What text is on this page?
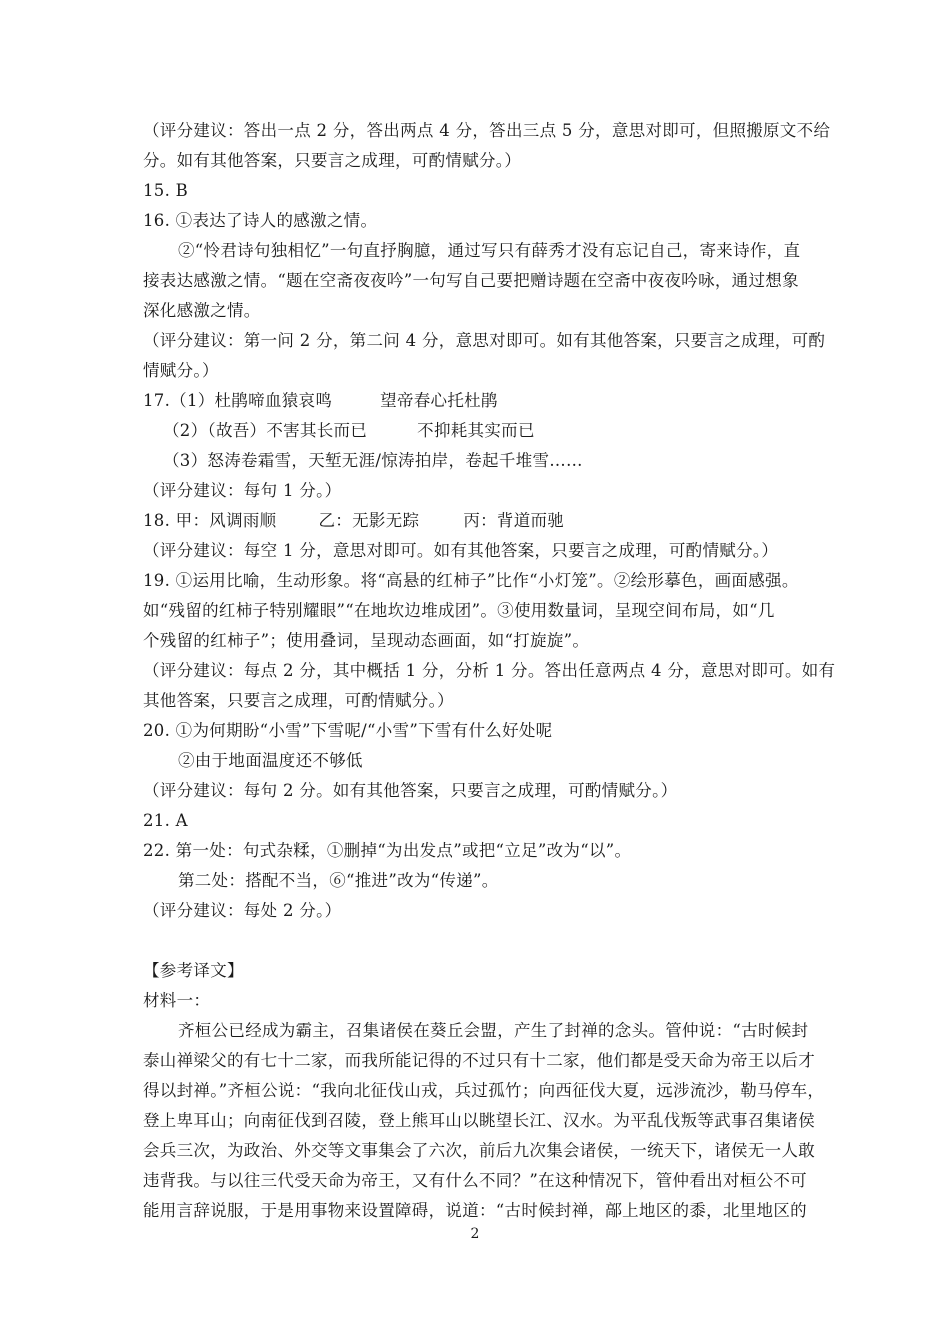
（评分建议：答出一点 2 分，答出两点 4 分，答出三点 5 分，意思对即可，但照搬原文不给
分。如有其他答案，只要言之成理，可酌情赋分。）
15. B
16. ①表达了诗人的感激之情。
②“怜君诗句独相忆”一句直抒胸臆，通过写只有薛秀才没有忘记自己，寄来诗作，直
接表达感激之情。“题在空斋夜夜吟”一句写自己要把赠诗题在空斋中夜夜吟咏，通过想象
深化感激之情。
（评分建议：第一问 2 分，第二问 4 分，意思对即可。如有其他答案，只要言之成理，可酌
情赋分。）
17.（1）杜鹃啼血猿哀鸣	望帝春心托杜鹃
（2）（故吾）不害其长而已	不抑耗其实而已
（3）怒涛卷霜雪，天堑无涯/惊涛拍岸，卷起千堆雪……
（评分建议：每句 1 分。）
18. 甲：风调雨顺	乙：无影无踪	丙：背道而驰
（评分建议：每空 1 分，意思对即可。如有其他答案，只要言之成理，可酌情赋分。）
19. ①运用比喻，生动形象。将“高悬的红柿子”比作“小灯笼”。②绘形摹色，画面感强。
如“残留的红柿子特别耀眼”“在地坎边堆成团”。③使用数量词，呈现空间布局，如“几
个残留的红柿子”；使用叠词，呈现动态画面，如“打旋旋”。
（评分建议：每点 2 分，其中概括 1 分，分析 1 分。答出任意两点 4 分，意思对即可。如有
其他答案，只要言之成理，可酌情赋分。）
20. ①为何期盼“小雪”下雪呢/“小雪”下雪有什么好处呢
②由于地面温度还不够低
（评分建议：每句 2 分。如有其他答案，只要言之成理，可酌情赋分。）
21. A
22. 第一处：句式杂糅，①删掉“为出发点”或把“立足”改为“以”。
第二处：搭配不当，⑥“推进”改为“传递”。
（评分建议：每处 2 分。）
【参考译文】
材料一：
齐桓公已经成为霸主，召集诸侯在葵丘会盟，产生了封禅的念头。管仲说：“古时候封
泰山禅梁父的有七十二家，而我所能记得的不过只有十二家，他们都是受天命为帝王以后才
得以封禅。”齐桓公说：“我向北征伐山戎，兵过孤竹；向西征伐大夏，远涉流沙，勒马停车，
登上卑耳山；向南征伐到召陵，登上熊耳山以眺望长江、汉水。为平乱伐叛等武事召集诸侯
会兵三次，为政治、外交等文事集会了六次，前后九次集会诸侯，一统天下，诸侯无一人敢
违背我。与以往三代受天命为帝王，又有什么不同？”在这种情况下，管仲看出对桓公不可
能用言辞说服，于是用事物来设置障碍，说道：“古时候封禅，鄗上地区的黍，北里地区的
2
